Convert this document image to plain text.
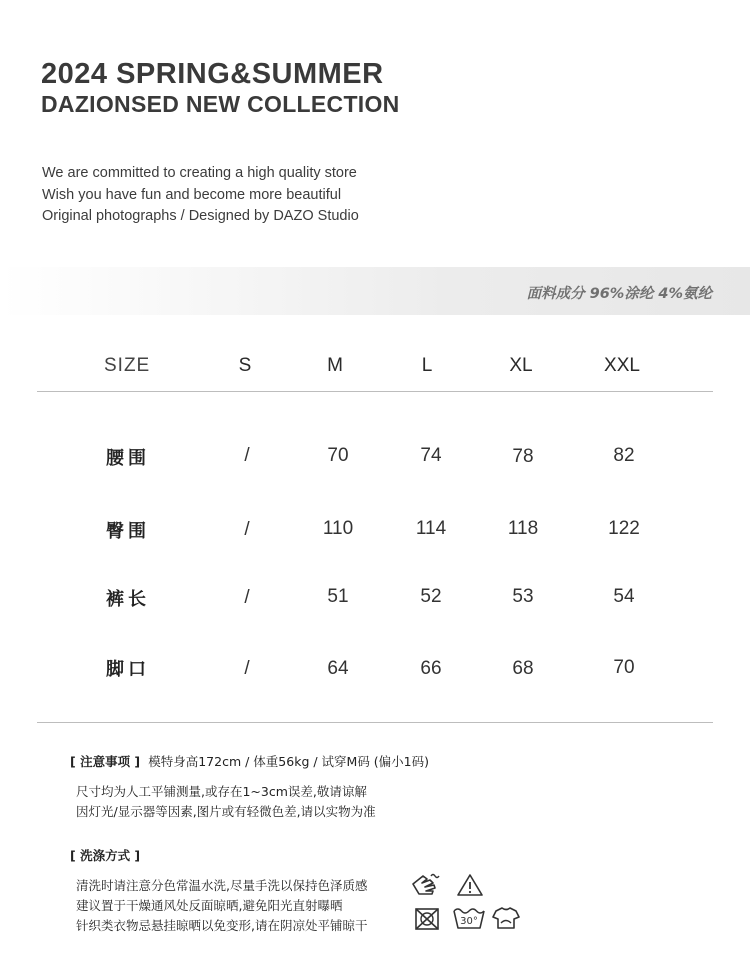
2024 SPRING&SUMMER
DAZIONSED NEW COLLECTION
We are committed to creating a high quality store
Wish you have fun and become more beautiful
Original photographs / Designed by DAZO Studio
面料成分 96%涂纶 4%氨纶
SIZE	S	M	L	XL	XXL
腰围	/	70	74	78	82
臀围	/	110	114	118	122
裤长	/	51	52	53	54
脚口	/	64	66	68	70
[ 注意事项 ] 模特身高172cm / 体重56kg / 试穿M码 (偏小1码)
尺寸均为人工平铺测量,或存在1~3cm误差,敬请谅解
因灯光/显示器等因素,图片或有轻微色差,请以实物为准
[ 洗涤方式 ]
清洗时请注意分色常温水洗,尽量手洗以保持色泽质感
建议置于干燥通风处反面晾晒,避免阳光直射曝晒
针织类衣物忌悬挂晾晒以免变形,请在阴凉处平铺晾干	30°
